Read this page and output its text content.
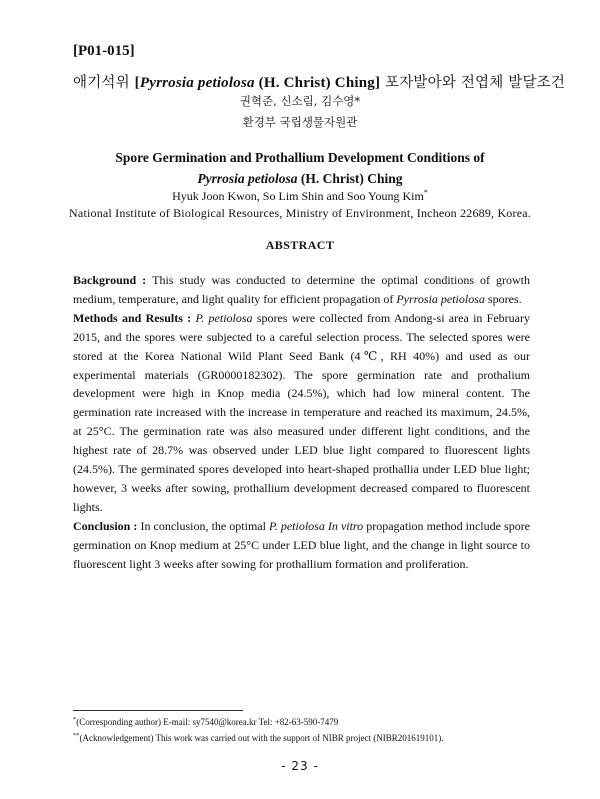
[P01-015]
애기석위 [Pyrrosia petiolosa (H. Christ) Ching] 포자발아와 전엽체 발달조건
권혁준, 신소림, 김수영*
환경부 국립생물자원관
Spore Germination and Prothallium Development Conditions of
Pyrrosia petiolosa (H. Christ) Ching
Hyuk Joon Kwon, So Lim Shin and Soo Young Kim*
National Institute of Biological Resources, Ministry of Environment, Incheon 22689, Korea.
ABSTRACT

Background : This study was conducted to determine the optimal conditions of growth medium, temperature, and light quality for efficient propagation of Pyrrosia petiolosa spores.

Methods and Results : P. petiolosa spores were collected from Andong-si area in February 2015, and the spores were subjected to a careful selection process. The selected spores were stored at the Korea National Wild Plant Seed Bank (4℃, RH 40%) and used as our experimental materials (GR0000182302). The spore germination rate and prothalium development were high in Knop media (24.5%), which had low mineral content. The germination rate increased with the increase in temperature and reached its maximum, 24.5%, at 25°C. The germination rate was also measured under different light conditions, and the highest rate of 28.7% was observed under LED blue light compared to fluorescent lights (24.5%). The germinated spores developed into heart-shaped prothallia under LED blue light; however, 3 weeks after sowing, prothallium development decreased compared to fluorescent lights.

Conclusion : In conclusion, the optimal P. petiolosa In vitro propagation method include spore germination on Knop medium at 25°C under LED blue light, and the change in light source to fluorescent light 3 weeks after sowing for prothallium formation and proliferation.

*(Corresponding author) E-mail: sy7540@korea.kr Tel: +82-63-590-7479
**(Acknowledgement) This work was carried out with the support of NIBR project (NIBR201619101).
- 23 -
